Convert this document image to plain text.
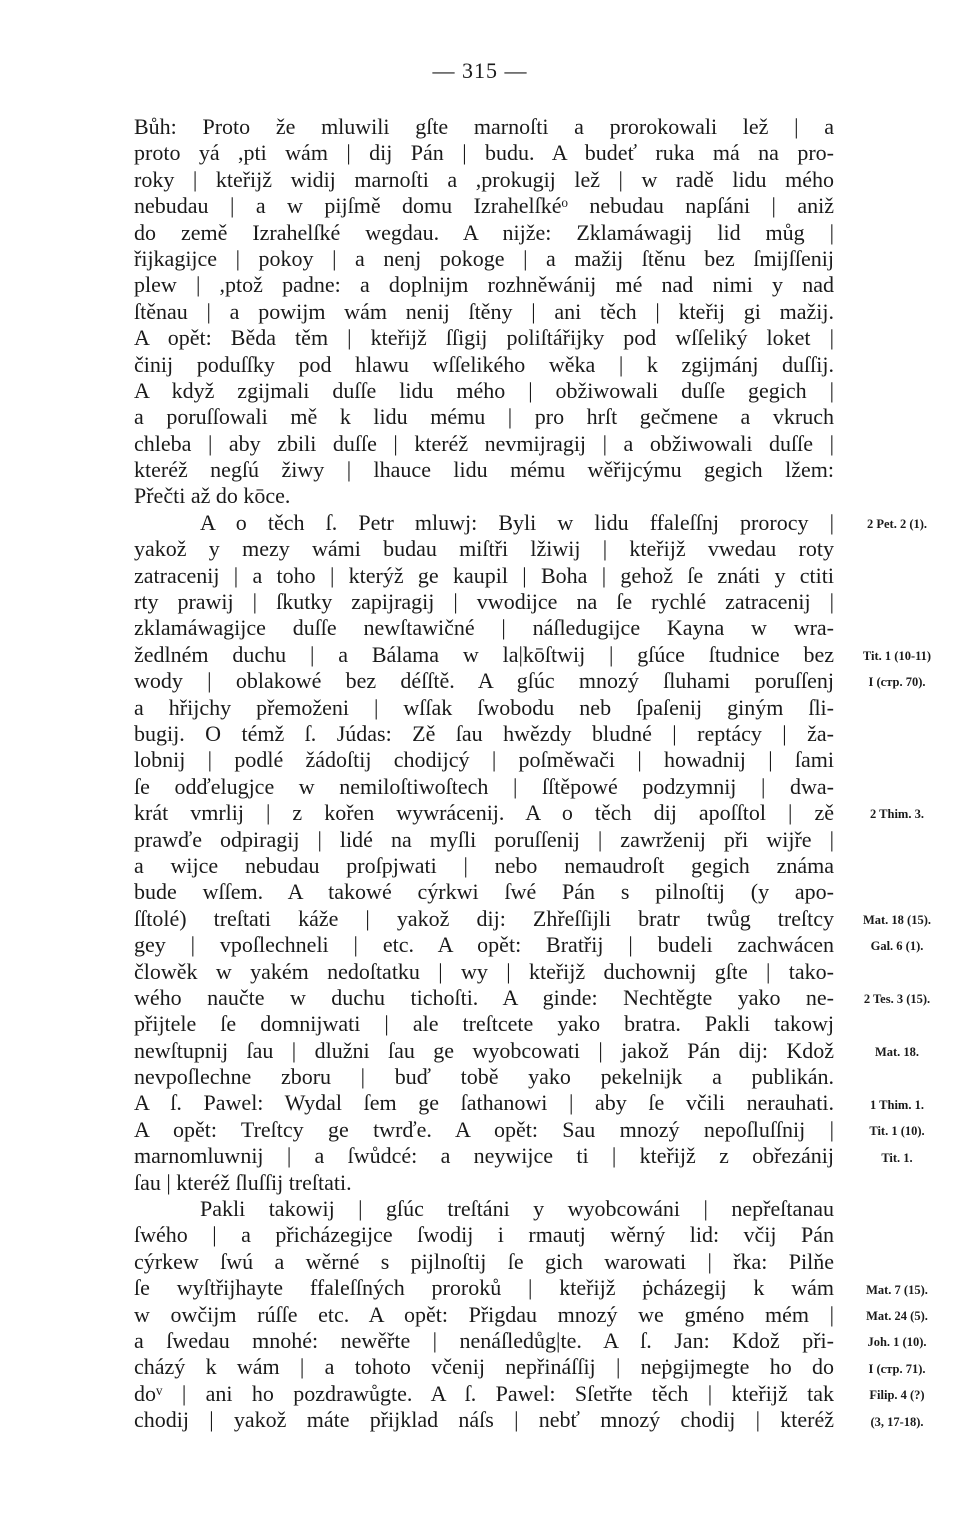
— 315 —
Bůh: Proto že mluwili gſte marnoſti a prorokowali lež | a
proto yá ,pti wám | dij Pán | budu. A budeť ruka má na pro-
roky | kteřijž widij marnoſti a ,prokugij lež | w radě lidu mého
nebudau | a w pijſmě domu Izrahelſkéᵒ nebudau napſáni | aniž
do země Izrahelſké wegdau. A nijže: Zklamáwagij lid můg |
řijkagijce | pokoy | a nenj pokoge | a mažij ſtěnu bez ſmijſſenij
plew | ,ptož padne: a doplnijm rozhněwánij mé nad nimi y nad
ſtěnau | a powijm wám nenij ſtěny | ani těch | kteřij gi mažij.
A opět: Běda těm | kteřijž ſſigij poliſtářijky pod wſſeliký loket |
činij poduſſky pod hlawu wſſelikého wěka | k zgijmánj duſſij.
A když zgijmali duſſe lidu mého | obžiwowali duſſe gegich |
a poruſſowali mě k lidu mému | pro hrſt gečmene a vkruch
chleba | aby zbili duſſe | kteréž nevmijragij | a obžiwowali duſſe |
kteréž negſú žiwy | lhauce lidu mému wěřijcýmu gegich lžem:
Přečti až do kōce.
A o těch ſ. Petr mluwj: Byli w lidu ffaleſſnj proroсy |
yakož y mezy wámi budau miſtři lžiwij | kteřijž vwedau roty
zatracenij | a toho | kterýž ge kaupil | Boha | gehož ſe znáti y ctiti
rty prawij | ſkutky zapijragij | vwodijce na ſe rychlé zatracenij |
zklamáwagijce duſſe newſtawičné | náſledugijce Kayna w wra-
žedlném duchu | a Bálama w la|kōſtwij | gſúce ſtudnice bez
wody | oblakowé bez déſſtě. A gſúc mnozý ſluhami poruſſenj
a hřijchy přemoženi | wſſak ſwobodu neb ſpaſenij giným ſli-
bugij. O témž ſ. Júdas: Zě ſau hwězdy bludné | reptácy | ža-
lobnij | podlé žádoſtij chodijcý | poſměwači | howadnij | ſami
ſe odďelugjce w nemiloſtiwoſtech | ſſtěpowé podzymnij | dwa-
krát vmrlij | z kořen wywrácenij. A o těch dij apoſſtol | zě
prawďe odpiragij | lidé na myſli poruſſenij | zawrženij při wijře |
a wijce nebudau proſpjwati | nebo nemaudroſt gegich známa
bude wſſem. A takowé cýrkwi ſwé Pán s pilnoſtij (y apo-
ſſtolé) treſtati káže | yakož dij: Zhřeſſijli bratr twůg treſtcy
gey | vpoſlechneli | etc. A opět: Bratřij | budeli zachwácen
člowěk w yakém nedoſtatku | wy | kteřijž duchownij gſte | tako-
wého naučte w duchu tichoſti. A ginde: Nechtěgte yako ne-
přijtele ſe domnijwati | ale treſtcete yako bratra. Pakli takowj
newſtupnij ſau | dlužni ſau ge wyobcowati | jakož Pán dij: Kdož
nevpoſlechne zboru | buď tobě yako pekelnijk a publikán.
A ſ. Pawel: Wydal ſem ge ſathanowi | aby ſe včili nerauhati.
A opět: Treſtcy ge twrďe. A opět: Sau mnozý nepoſluſſnij |
marnomluwnij | a ſwůdcé: a neywijce ti | kteřijž z obřezánij
ſau | kteréž ſluſſij treſtati.
Pakli takowij | gſúc treſtáni y wyobcowáni | nepřeſtanau
ſwého | a přicházegijce ſwodij i rmautj wěrný lid: včij Pán
cýrkew ſwú a wěrné s pijlnoſtij ſe gich warowati | řka: Pilňe
ſe wyſtřijhayte ffaleſſných proroků | kteřijž ṗcházegij k wám
w owčijm rúſſe etc. A opět: Přigdau mnozý we gméno mém |
a ſwedau mnohé: newěřte | nenáſledůg|te. A ſ. Jan: Kdož při-
cházý k wám | a tohoto včenij nepřináſſij | neṗgijmegte ho do
doᵛ | ani ho pozdrawůgte. A ſ. Pawel: Sſetřte těch | kteřijž tak
chodij | yakož máte přijklad náſs | nebť mnozý chodij | kteréž
2 Pet. 2 (1).
Tit. 1 (10-11)
I (стр. 70).
2 Thim. 3.
Mat. 18 (15).
Gal. 6 (1).
2 Tes. 3 (15).
Mat. 18.
1 Thim. 1.
Tit. 1 (10).
Tit. 1.
Mat. 7 (15).
Mat. 24 (5).
Joh. 1 (10).
I (стр. 71).
Filip. 4 (?)
(3, 17-18).
